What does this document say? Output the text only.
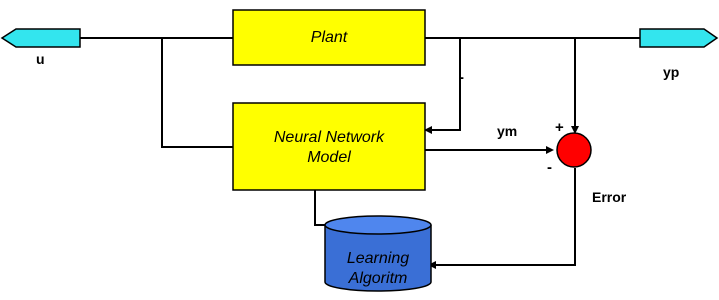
Plant
Neural Network
Model
Learning
Algoritm
u
yp
ym	+
-
-
Error
